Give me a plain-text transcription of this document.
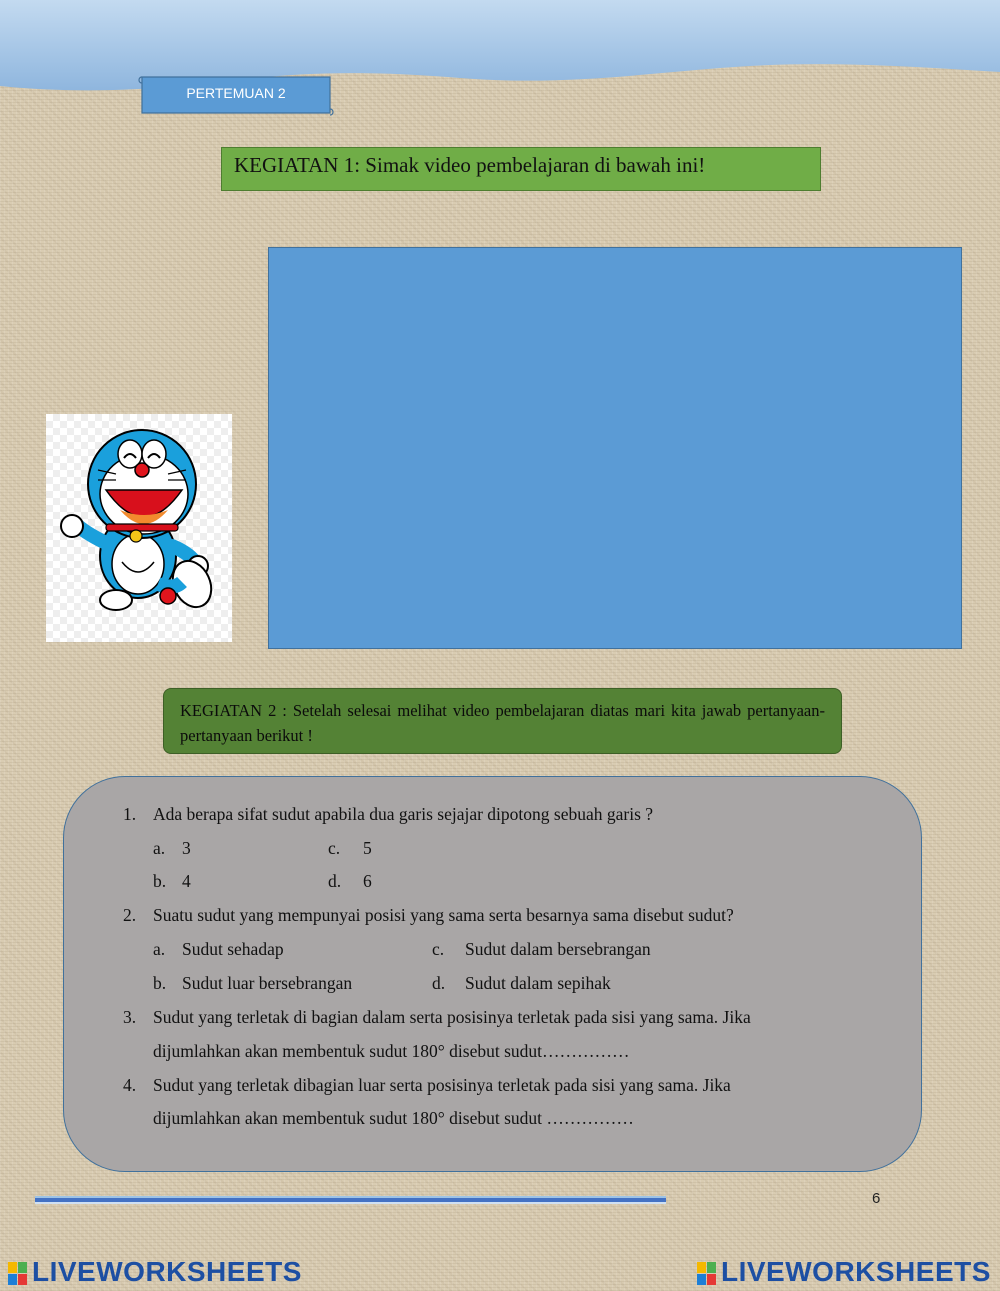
PERTEMUAN 2
KEGIATAN 1: Simak video pembelajaran di bawah ini!
KEGIATAN 2 : Setelah selesai melihat video pembelajaran diatas mari kita jawab pertanyaan-pertanyaan berikut !
1. Ada berapa sifat sudut apabila dua garis sejajar dipotong sebuah garis ?
a. 3
b. 4
c. 5
d. 6
2. Suatu sudut yang mempunyai posisi yang sama serta besarnya sama disebut sudut?
a. Sudut sehadap
b. Sudut luar bersebrangan
c. Sudut dalam bersebrangan
d. Sudut dalam sepihak
3. Sudut yang terletak di bagian dalam serta posisinya terletak pada sisi yang sama. Jika
dijumlahkan akan membentuk sudut 180° disebut sudut……………
4. Sudut yang terletak dibagian luar serta posisinya terletak pada sisi yang sama. Jika
dijumlahkan akan membentuk sudut 180° disebut sudut ……………
6
LIVEWORKSHEETS	LIVEWORKSHEETS
